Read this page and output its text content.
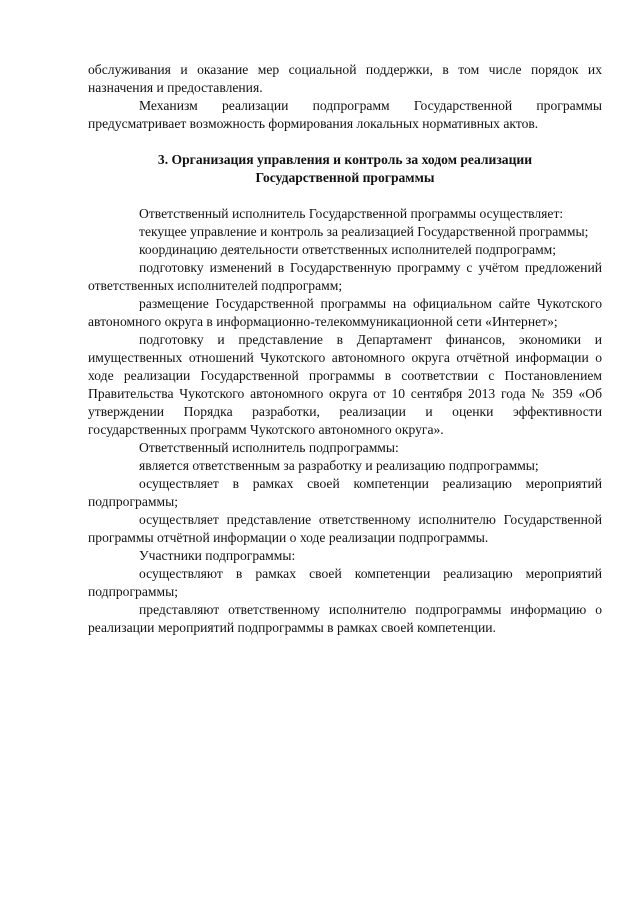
обслуживания и оказание мер социальной поддержки, в том числе порядок их назначения и предоставления.

Механизм реализации подпрограмм Государственной программы предусматривает возможность формирования локальных нормативных актов.

3. Организация управления и контроль за ходом реализации
Государственной программы

Ответственный исполнитель Государственной программы осуществляет:

текущее управление и контроль за реализацией Государственной программы;

координацию деятельности ответственных исполнителей подпрограмм;

подготовку изменений в Государственную программу с учётом предложений ответственных исполнителей подпрограмм;

размещение Государственной программы на официальном сайте Чукотского автономного округа в информационно-телекоммуникационной сети «Интернет»;

подготовку и представление в Департамент финансов, экономики и имущественных отношений Чукотского автономного округа отчётной информации о ходе реализации Государственной программы в соответствии с Постановлением Правительства Чукотского автономного округа от 10 сентября 2013 года № 359 «Об утверждении Порядка разработки, реализации и оценки эффективности государственных программ Чукотского автономного округа».

Ответственный исполнитель подпрограммы:

является ответственным за разработку и реализацию подпрограммы;

осуществляет в рамках своей компетенции реализацию мероприятий подпрограммы;

осуществляет представление ответственному исполнителю Государственной программы отчётной информации о ходе реализации подпрограммы.

Участники подпрограммы:

осуществляют в рамках своей компетенции реализацию мероприятий подпрограммы;

представляют ответственному исполнителю подпрограммы информацию о реализации мероприятий подпрограммы в рамках своей компетенции.
